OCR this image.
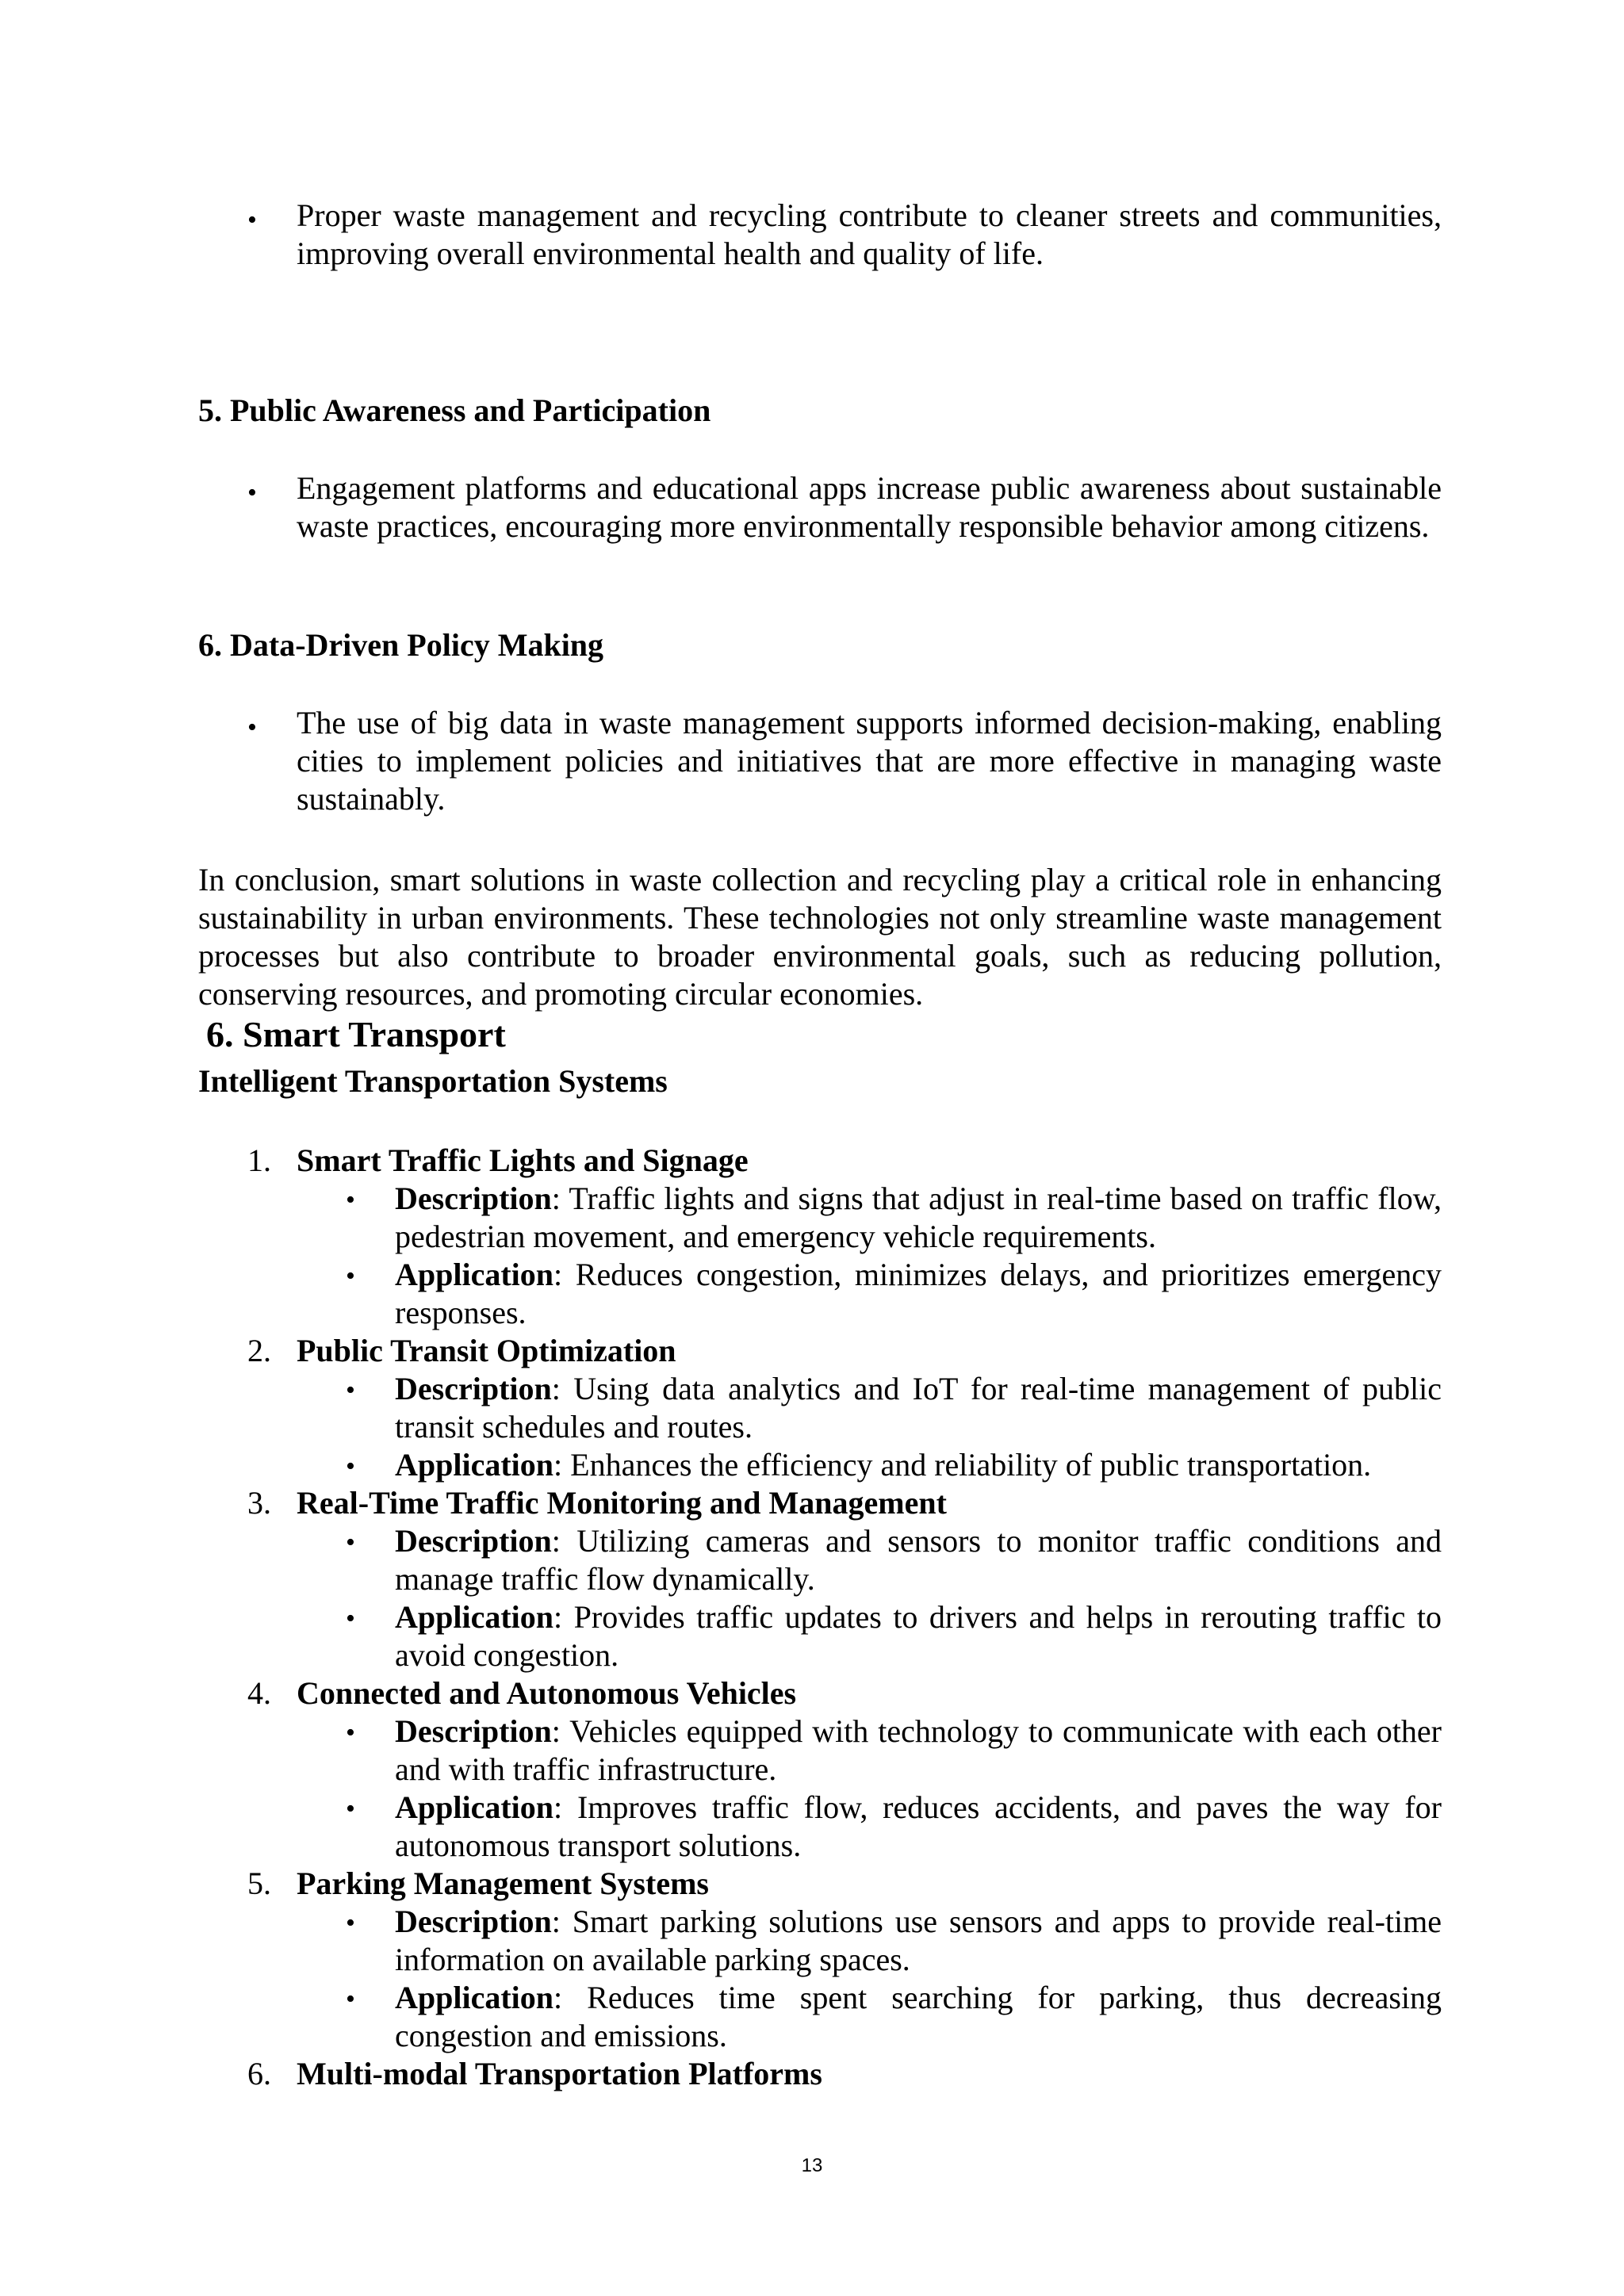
• Proper waste management and recycling contribute to cleaner streets and communities, improving overall environmental health and quality of life.
5. Public Awareness and Participation
• Engagement platforms and educational apps increase public awareness about sustainable waste practices, encouraging more environmentally responsible behavior among citizens.
6. Data-Driven Policy Making
• The use of big data in waste management supports informed decision-making, enabling cities to implement policies and initiatives that are more effective in managing waste sustainably.
In conclusion, smart solutions in waste collection and recycling play a critical role in enhancing sustainability in urban environments. These technologies not only streamline waste management processes but also contribute to broader environmental goals, such as reducing pollution, conserving resources, and promoting circular economies.
6. Smart Transport
Intelligent Transportation Systems
1. Smart Traffic Lights and Signage
• Description: Traffic lights and signs that adjust in real-time based on traffic flow, pedestrian movement, and emergency vehicle requirements.
• Application: Reduces congestion, minimizes delays, and prioritizes emergency responses.
2. Public Transit Optimization
• Description: Using data analytics and IoT for real-time management of public transit schedules and routes.
• Application: Enhances the efficiency and reliability of public transportation.
3. Real-Time Traffic Monitoring and Management
• Description: Utilizing cameras and sensors to monitor traffic conditions and manage traffic flow dynamically.
• Application: Provides traffic updates to drivers and helps in rerouting traffic to avoid congestion.
4. Connected and Autonomous Vehicles
• Description: Vehicles equipped with technology to communicate with each other and with traffic infrastructure.
• Application: Improves traffic flow, reduces accidents, and paves the way for autonomous transport solutions.
5. Parking Management Systems
• Description: Smart parking solutions use sensors and apps to provide real-time information on available parking spaces.
• Application: Reduces time spent searching for parking, thus decreasing congestion and emissions.
6. Multi-modal Transportation Platforms
13
